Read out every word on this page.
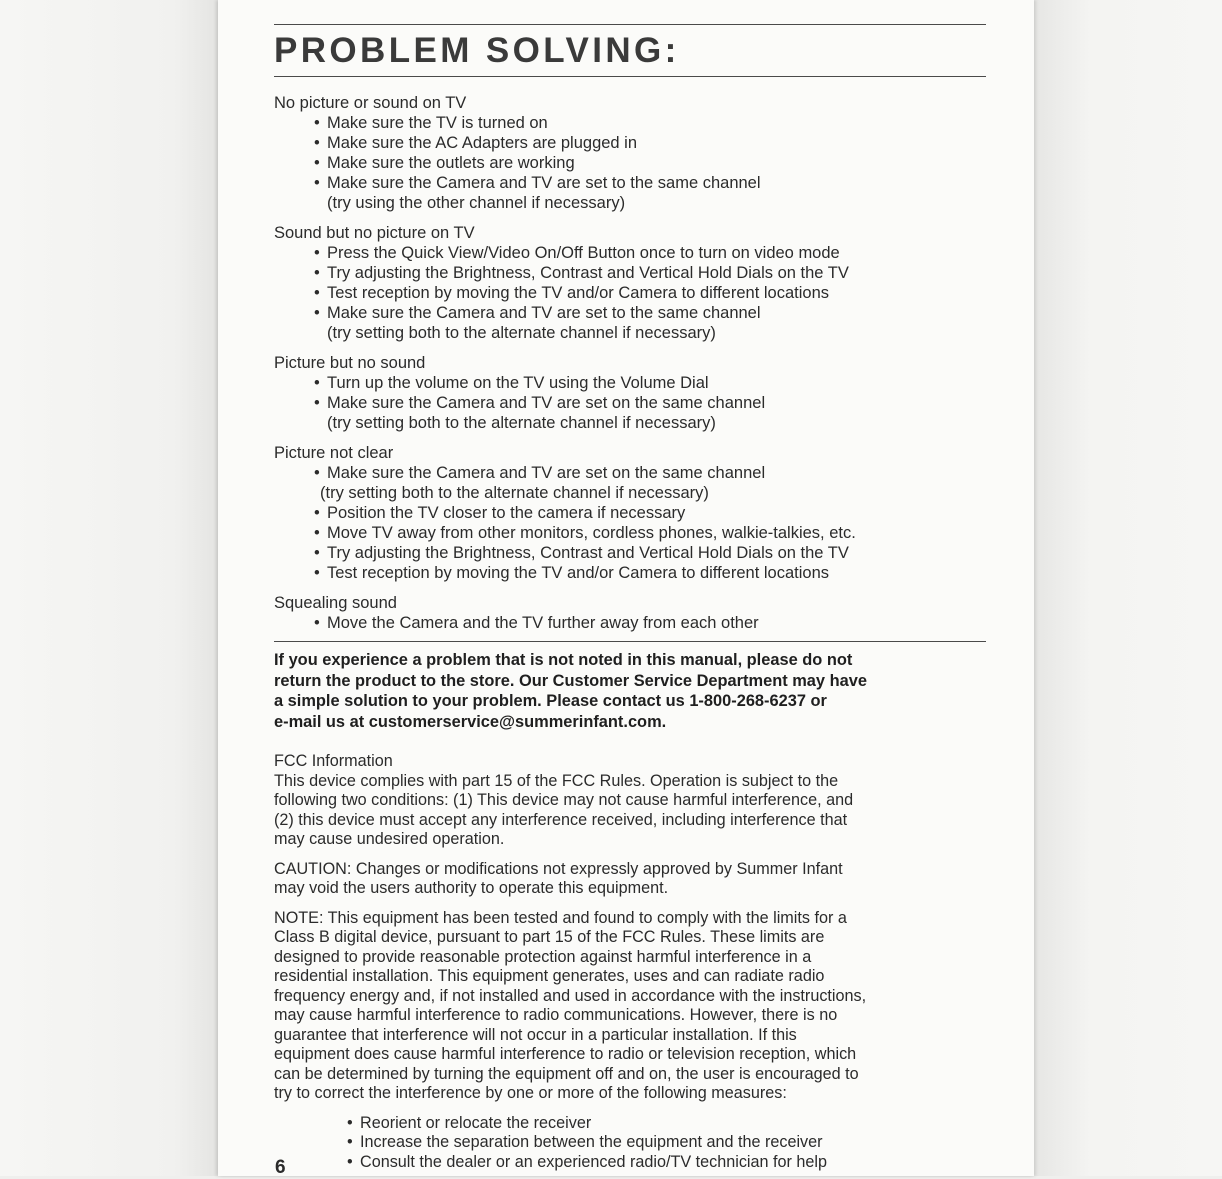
PROBLEM SOLVING:

No picture or sound on TV

• Make sure the TV is turned on
• Make sure the AC Adapters are plugged in
• Make sure the outlets are working
• Make sure the Camera and TV are set to the same channel
(try using the other channel if necessary)

Sound but no picture on TV

• Press the Quick View/Video On/Off Button once to turn on video mode
• Try adjusting the Brightness, Contrast and Vertical Hold Dials on the TV
• Test reception by moving the TV and/or Camera to different locations
• Make sure the Camera and TV are set to the same channel
(try setting both to the alternate channel if necessary)

Picture but no sound

• Turn up the volume on the TV using the Volume Dial
• Make sure the Camera and TV are set on the same channel
(try setting both to the alternate channel if necessary)

Picture not clear

• Make sure the Camera and TV are set on the same channel
(try setting both to the alternate channel if necessary)
• Position the TV closer to the camera if necessary
• Move TV away from other monitors, cordless phones, walkie-talkies, etc.
• Try adjusting the Brightness, Contrast and Vertical Hold Dials on the TV
• Test reception by moving the TV and/or Camera to different locations

Squealing sound

• Move the Camera and the TV further away from each other
If you experience a problem that is not noted in this manual, please do not
return the product to the store. Our Customer Service Department may have
a simple solution to your problem. Please contact us 1-800-268-6237 or
e-mail us at customerservice@summerinfant.com.
FCC Information
This device complies with part 15 of the FCC Rules. Operation is subject to the
following two conditions: (1) This device may not cause harmful interference, and
(2) this device must accept any interference received, including interference that
may cause undesired operation.
CAUTION: Changes or modifications not expressly approved by Summer Infant
may void the users authority to operate this equipment.
NOTE: This equipment has been tested and found to comply with the limits for a
Class B digital device, pursuant to part 15 of the FCC Rules. These limits are
designed to provide reasonable protection against harmful interference in a
residential installation. This equipment generates, uses and can radiate radio
frequency energy and, if not installed and used in accordance with the instructions,
may cause harmful interference to radio communications. However, there is no
guarantee that interference will not occur in a particular installation. If this
equipment does cause harmful interference to radio or television reception, which
can be determined by turning the equipment off and on, the user is encouraged to
try to correct the interference by one or more of the following measures:
• Reorient or relocate the receiver
• Increase the separation between the equipment and the receiver
• Consult the dealer or an experienced radio/TV technician for help
6
